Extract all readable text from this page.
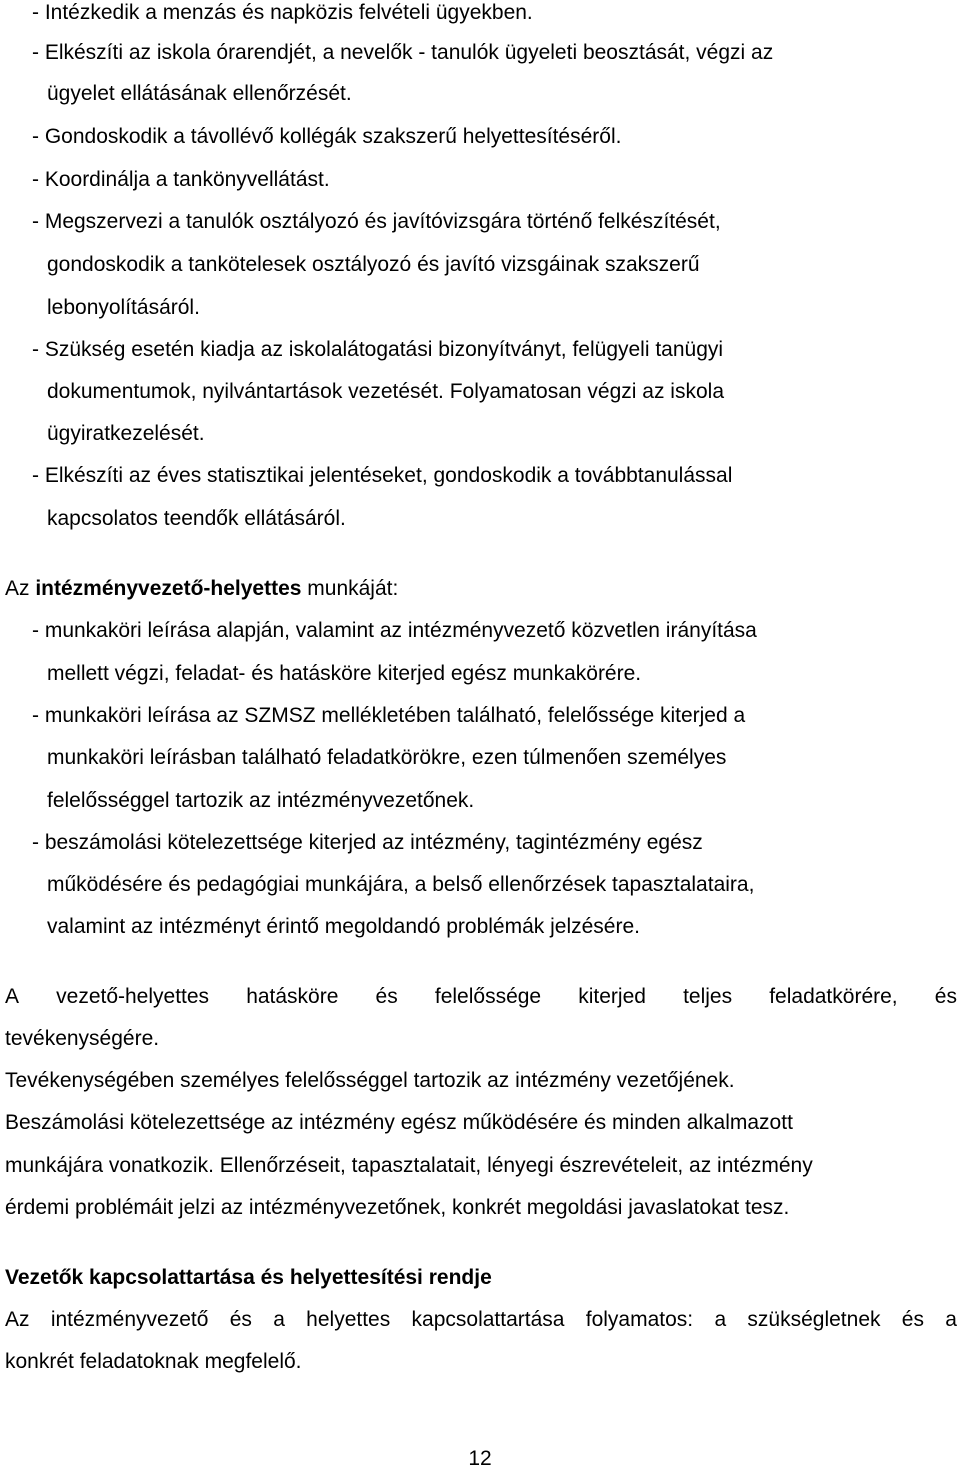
- Intézkedik a menzás és napközis felvételi ügyekben.
- Elkészíti az iskola órarendjét, a nevelők - tanulók ügyeleti beosztását, végzi az
ügyelet ellátásának ellenőrzését.
- Gondoskodik a távollévő kollégák szakszerű helyettesítéséről.
- Koordinálja a tankönyvellátást.
- Megszervezi a tanulók osztályozó és javítóvizsgára történő felkészítését,
gondoskodik a tankötelesek osztályozó és javító vizsgáinak szakszerű
lebonyolításáról.
- Szükség esetén kiadja az iskolalátogatási bizonyítványt, felügyeli tanügyi
dokumentumok, nyilvántartások vezetését. Folyamatosan végzi az iskola
ügyiratkezelését.
- Elkészíti az éves statisztikai jelentéseket, gondoskodik a továbbtanulással
kapcsolatos teendők ellátásáról.
Az intézményvezető-helyettes munkáját:
- munkaköri leírása alapján, valamint az intézményvezető közvetlen irányítása
mellett végzi, feladat- és hatásköre kiterjed egész munkakörére.
- munkaköri leírása az SZMSZ mellékletében található, felelőssége kiterjed a
munkaköri leírásban található feladatkörökre, ezen túlmenően személyes
felelősséggel tartozik az intézményvezetőnek.
- beszámolási kötelezettsége kiterjed az intézmény, tagintézmény egész
működésére és pedagógiai munkájára, a belső ellenőrzések tapasztalataira,
valamint az intézményt érintő megoldandó problémák jelzésére.
A vezető-helyettes hatásköre és felelőssége kiterjed teljes feladatkörére, és
tevékenységére.
Tevékenységében személyes felelősséggel tartozik az intézmény vezetőjének.
Beszámolási kötelezettsége az intézmény egész működésére és minden alkalmazott
munkájára vonatkozik. Ellenőrzéseit, tapasztalatait, lényegi észrevételeit, az intézmény
érdemi problémáit jelzi az intézményvezetőnek, konkrét megoldási javaslatokat tesz.
Vezetők kapcsolattartása és helyettesítési rendje
Az intézményvezető és a helyettes kapcsolattartása folyamatos: a szükségletnek és a
konkrét feladatoknak megfelelő.
12
